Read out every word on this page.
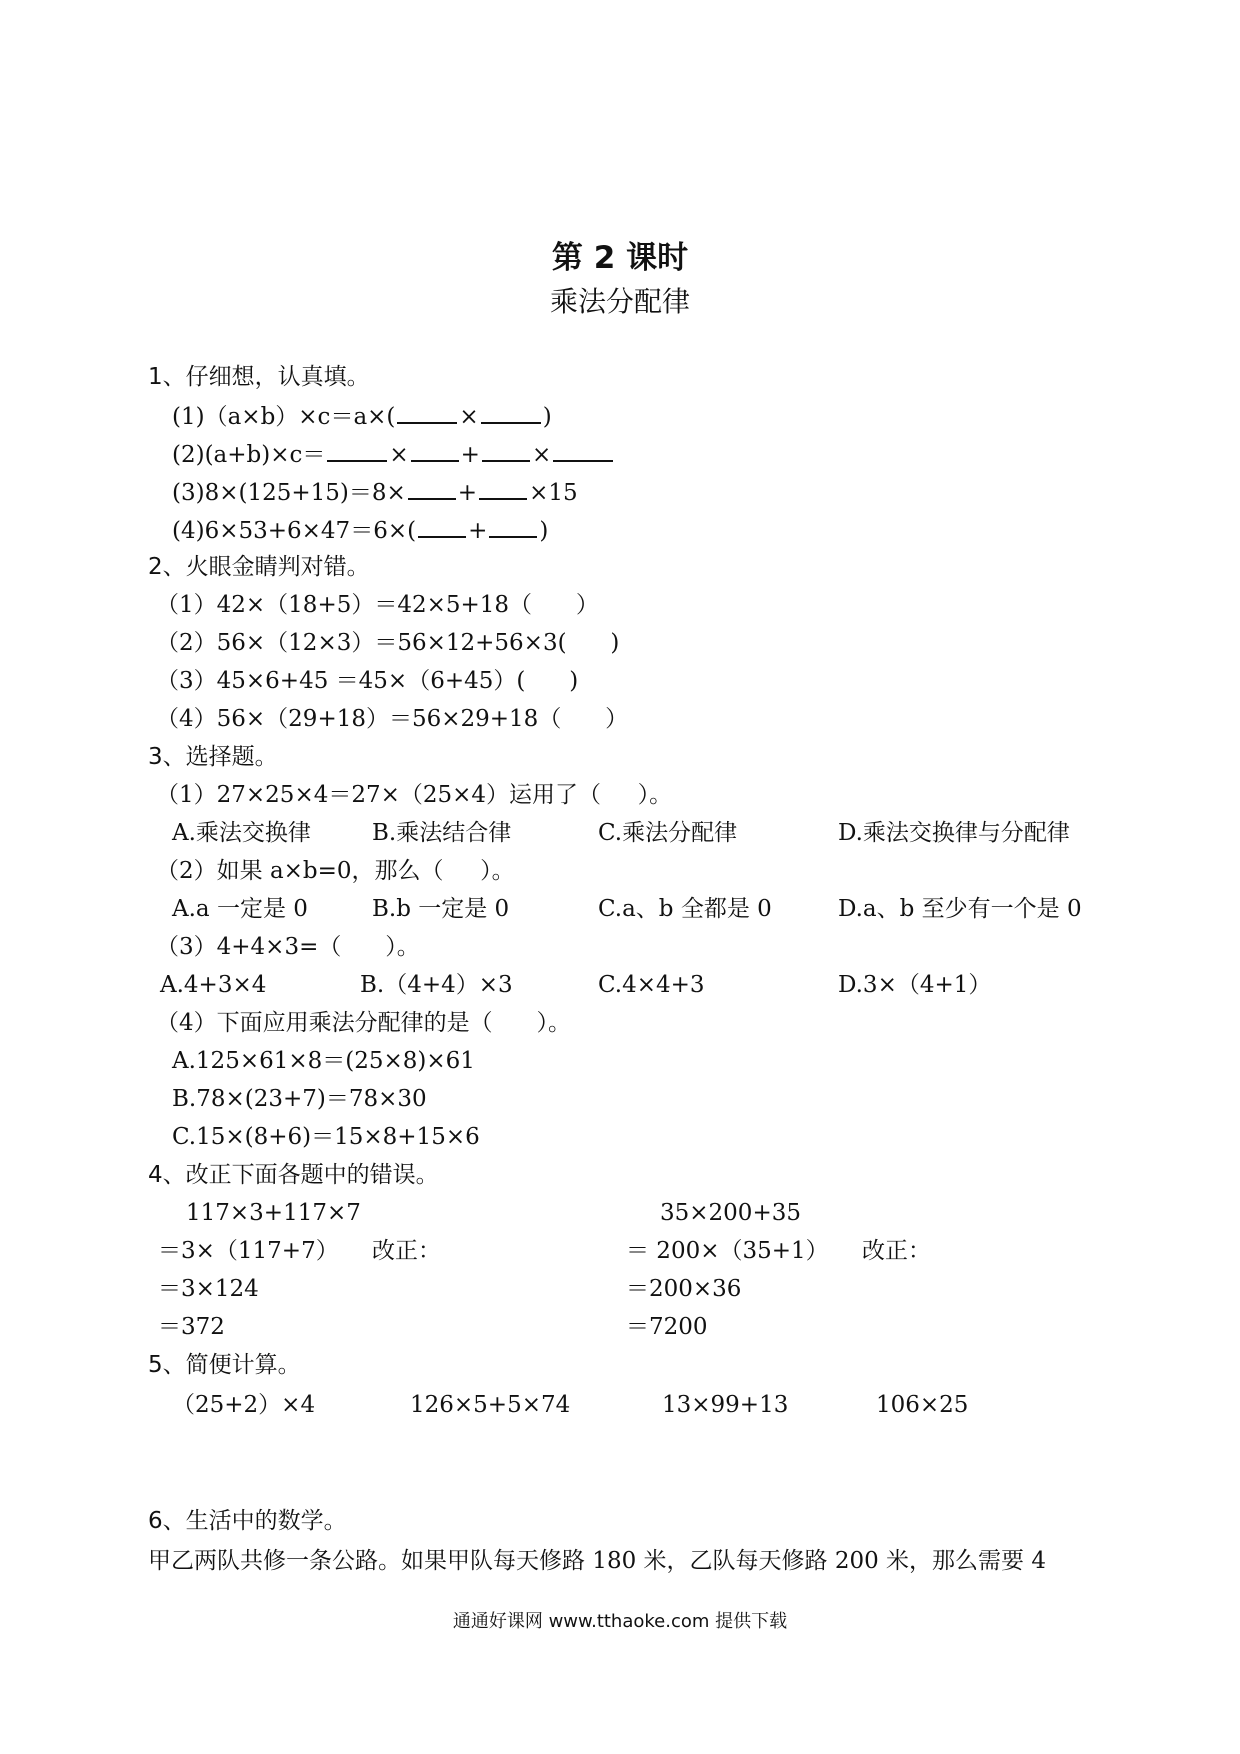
第 2 课时
乘法分配律
1、仔细想，认真填。
(1)（a×b）×c＝a×(	×	)
(2)(a+b)×c＝	× + ×
(3)8×(125+15)＝8× + ×15
(4)6×53+6×47＝6×( + )
2、火眼金睛判对错。
（1）42×（18+5）＝42×5+18（      ）
（2）56×（12×3）＝56×12+56×3(      )
（3）45×6+45 ＝45×（6+45）(      )
（4）56×（29+18）＝56×29+18（      ）
3、选择题。
（1）27×25×4＝27×（25×4）运用了（     ）。
A.乘法交换律	B.乘法结合律	C.乘法分配律	D.乘法交换律与分配律
（2）如果 a×b=0，那么（     ）。
A.a 一定是 0	B.b 一定是 0	C.a、b 全都是 0	D.a、b 至少有一个是 0
（3）4+4×3=（      ）。
A.4+3×4	B.（4+4）×3	C.4×4+3	D.3×（4+1）
（4）下面应用乘法分配律的是（      ）。
A.125×61×8＝(25×8)×61
B.78×(23+7)＝78×30
C.15×(8+6)＝15×8+15×6
4、改正下面各题中的错误。
117×3+117×7
＝3×（117+7） 改正：
＝3×124
＝372
35×200+35
＝ 200×（35+1） 改正：
＝200×36
＝7200
5、简便计算。
（25+2）×4	126×5+5×74	13×99+13	106×25
6、生活中的数学。
甲乙两队共修一条公路。如果甲队每天修路 180 米，乙队每天修路 200 米，那么需要 4
通通好课网 www.tthaoke.com 提供下载
